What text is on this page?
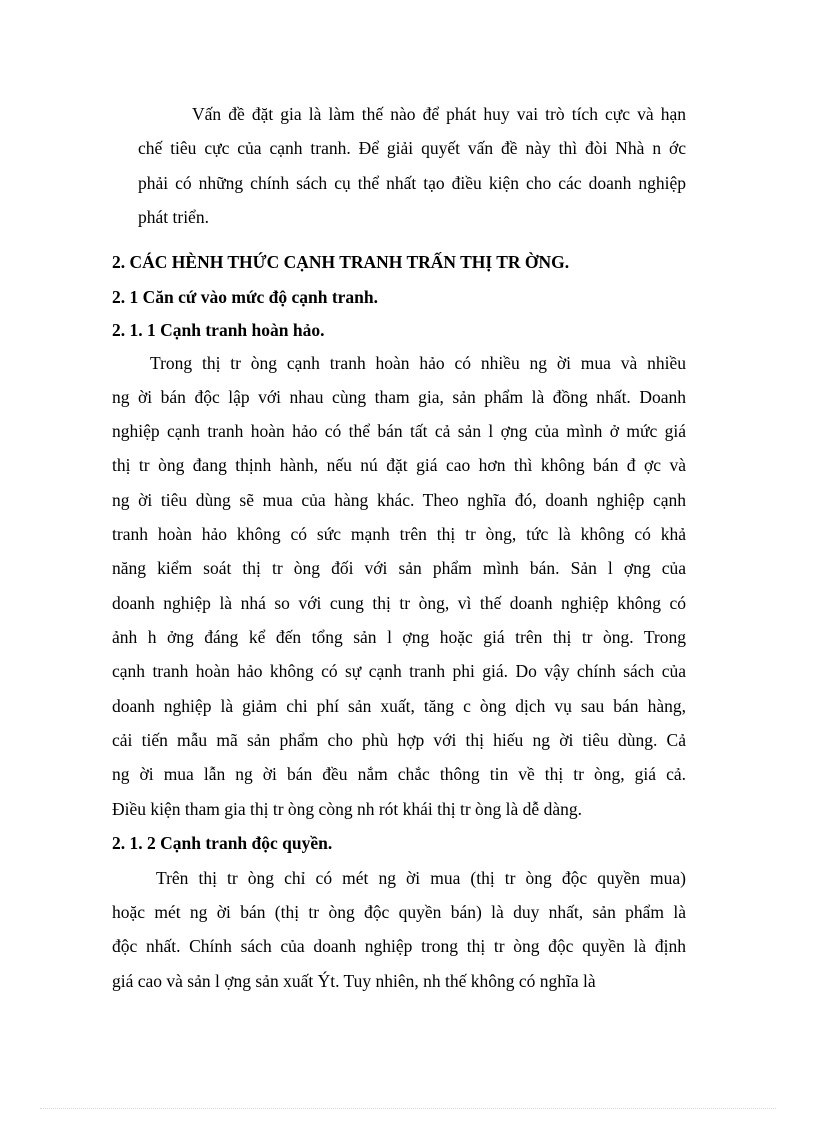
Vấn đề đặt gia là làm thế nào để phát huy vai trò tích cực và hạn
chế tiêu cực của cạnh tranh. Để giải quyết vấn đề này thì đòi Nhà n ớc
phải có những chính sách cụ thể nhất tạo điều kiện cho các doanh nghiệp
phát triển.
2. CÁC HÈNH THỨC CẠNH TRANH TRẤN THỊ TR ỜNG.
2. 1 Căn cứ vào mức độ cạnh tranh.
2. 1. 1 Cạnh tranh hoàn hảo.
Trong thị tr òng cạnh tranh hoàn hảo có nhiều ng ời mua và nhiều
ng ời bán độc lập với nhau cùng tham gia, sản phẩm là đồng nhất. Doanh
nghiệp cạnh tranh hoàn hảo có thể bán tất cả sản l ợng của mình ở mức giá
thị tr òng đang thịnh hành, nếu nú đặt giá cao hơn thì không bán đ ợc và
ng ời tiêu dùng sẽ mua của hàng khác. Theo nghĩa đó, doanh nghiệp cạnh
tranh hoàn hảo không có sức mạnh trên thị tr òng, tức là không có khả
năng kiểm soát thị tr òng đối với sản phẩm mình bán. Sản l ợng của
doanh nghiệp là nhá so với cung thị tr òng, vì thế doanh nghiệp không có
ảnh h ởng đáng kể đến tổng sản l ợng hoặc giá trên thị tr òng. Trong
cạnh tranh hoàn hảo không có sự cạnh tranh phi giá. Do vậy chính sách của
doanh nghiệp là giảm chi phí sản xuất, tăng c òng dịch vụ sau bán hàng,
cải tiến mẫu mã sản phẩm cho phù hợp với thị hiếu ng ời tiêu dùng. Cả
ng ời mua lẫn ng ời bán đều nắm chắc thông tin về thị tr òng, giá cả.
Điều kiện tham gia thị tr òng còng nh rót khái thị tr òng là dễ dàng.
2. 1. 2 Cạnh tranh độc quyền.
Trên thị tr òng chỉ có mét ng ời mua (thị tr òng độc quyền mua)
hoặc mét ng ời bán (thị tr òng độc quyền bán) là duy nhất, sản phẩm là
độc nhất. Chính sách của doanh nghiệp trong thị tr òng độc quyền là định
giá cao và sản l ợng sản xuất Ýt. Tuy nhiên, nh thế không có nghĩa là
